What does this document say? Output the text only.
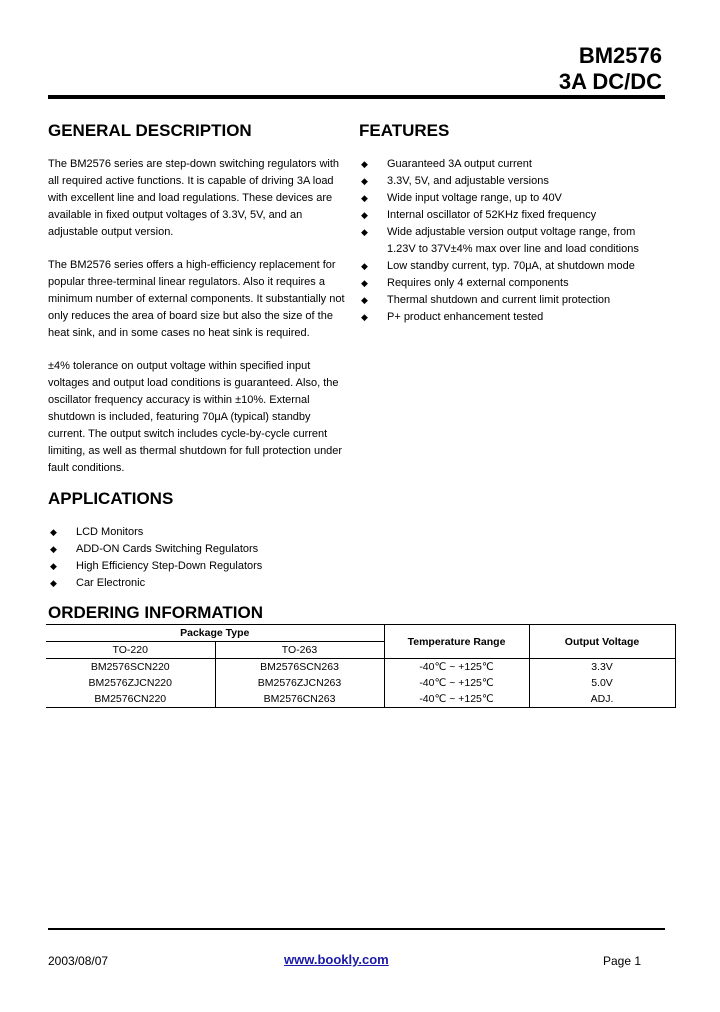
BM2576
3A DC/DC
GENERAL DESCRIPTION

The BM2576 series are step-down switching regulators with all required active functions. It is capable of driving 3A load with excellent line and load regulations. These devices are available in fixed output voltages of 3.3V, 5V, and an adjustable output version.

The BM2576 series offers a high-efficiency replacement for popular three-terminal linear regulators. Also it requires a minimum number of external components. It substantially not only reduces the area of board size but also the size of the heat sink, and in some cases no heat sink is required.

±4% tolerance on output voltage within specified input voltages and output load conditions is guaranteed. Also, the oscillator frequency accuracy is within ±10%. External shutdown is included, featuring 70μA (typical) standby current. The output switch includes cycle-by-cycle current limiting, as well as thermal shutdown for full protection under fault conditions.

FEATURES
◆ Guaranteed 3A output current
◆ 3.3V, 5V, and adjustable versions
◆ Wide input voltage range, up to 40V
◆ Internal oscillator of 52KHz fixed frequency
◆ Wide adjustable version output voltage range, from 1.23V to 37V±4% max over line and load conditions
◆ Low standby current, typ. 70μA, at shutdown mode
◆ Requires only 4 external components
◆ Thermal shutdown and current limit protection
◆ P+ product enhancement tested
APPLICATIONS
◆ LCD Monitors
◆ ADD-ON Cards Switching Regulators
◆ High Efficiency Step-Down Regulators
◆ Car Electronic
ORDERING INFORMATION
Package Type		Temperature Range	Output Voltage
TO-220	TO-263		
BM2576SCN220	BM2576SCN263	-40℃ ~ +125℃	3.3V
BM2576ZJCN220	BM2576ZJCN263	-40℃ ~ +125℃	5.0V
BM2576CN220	BM2576CN263	-40℃ ~ +125℃	ADJ.
2003/08/07	www.bookly.com	Page 1
